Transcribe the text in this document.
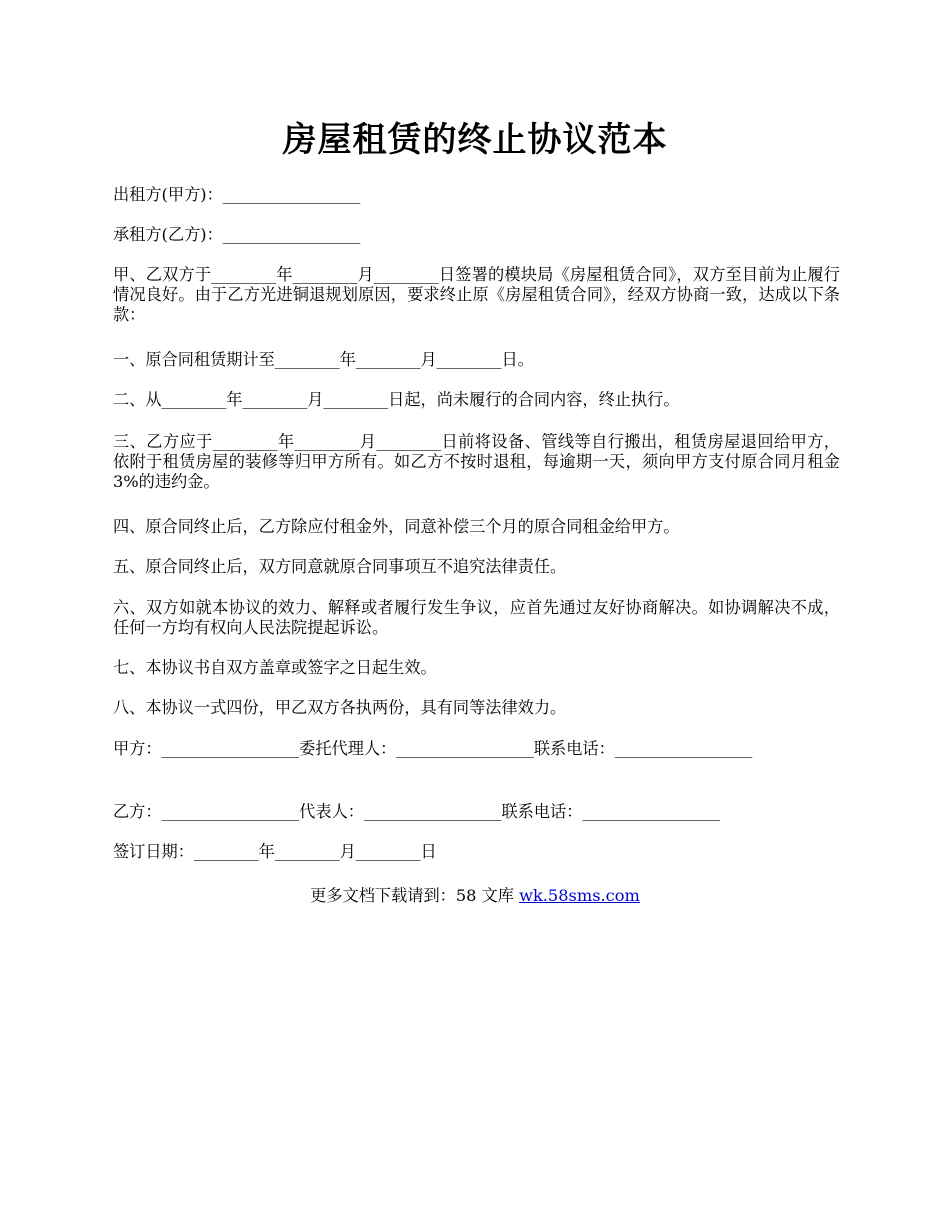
房屋租赁的终止协议范本
出租方(甲方)：_________________
承租方(乙方)：_________________
甲、乙双方于________年________月________日签署的模块局《房屋租赁合同》，双方至目前为止履行情况良好。由于乙方光进铜退规划原因，要求终止原《房屋租赁合同》，经双方协商一致，达成以下条款：
一、原合同租赁期计至________年________月________日。
二、从________年________月________日起，尚未履行的合同内容，终止执行。
三、乙方应于________年________月________日前将设备、管线等自行搬出，租赁房屋退回给甲方，依附于租赁房屋的装修等归甲方所有。如乙方不按时退租，每逾期一天，须向甲方支付原合同月租金 3%的违约金。
四、原合同终止后，乙方除应付租金外，同意补偿三个月的原合同租金给甲方。
五、原合同终止后，双方同意就原合同事项互不追究法律责任。
六、双方如就本协议的效力、解释或者履行发生争议，应首先通过友好协商解决。如协调解决不成，任何一方均有权向人民法院提起诉讼。
七、本协议书自双方盖章或签字之日起生效。
八、本协议一式四份，甲乙双方各执两份，具有同等法律效力。
甲方：_________________委托代理人：_________________联系电话：_________________
乙方：_________________代表人：_________________联系电话：_________________
签订日期：________年________月________日
更多文档下载请到：58 文库 wk.58sms.com
